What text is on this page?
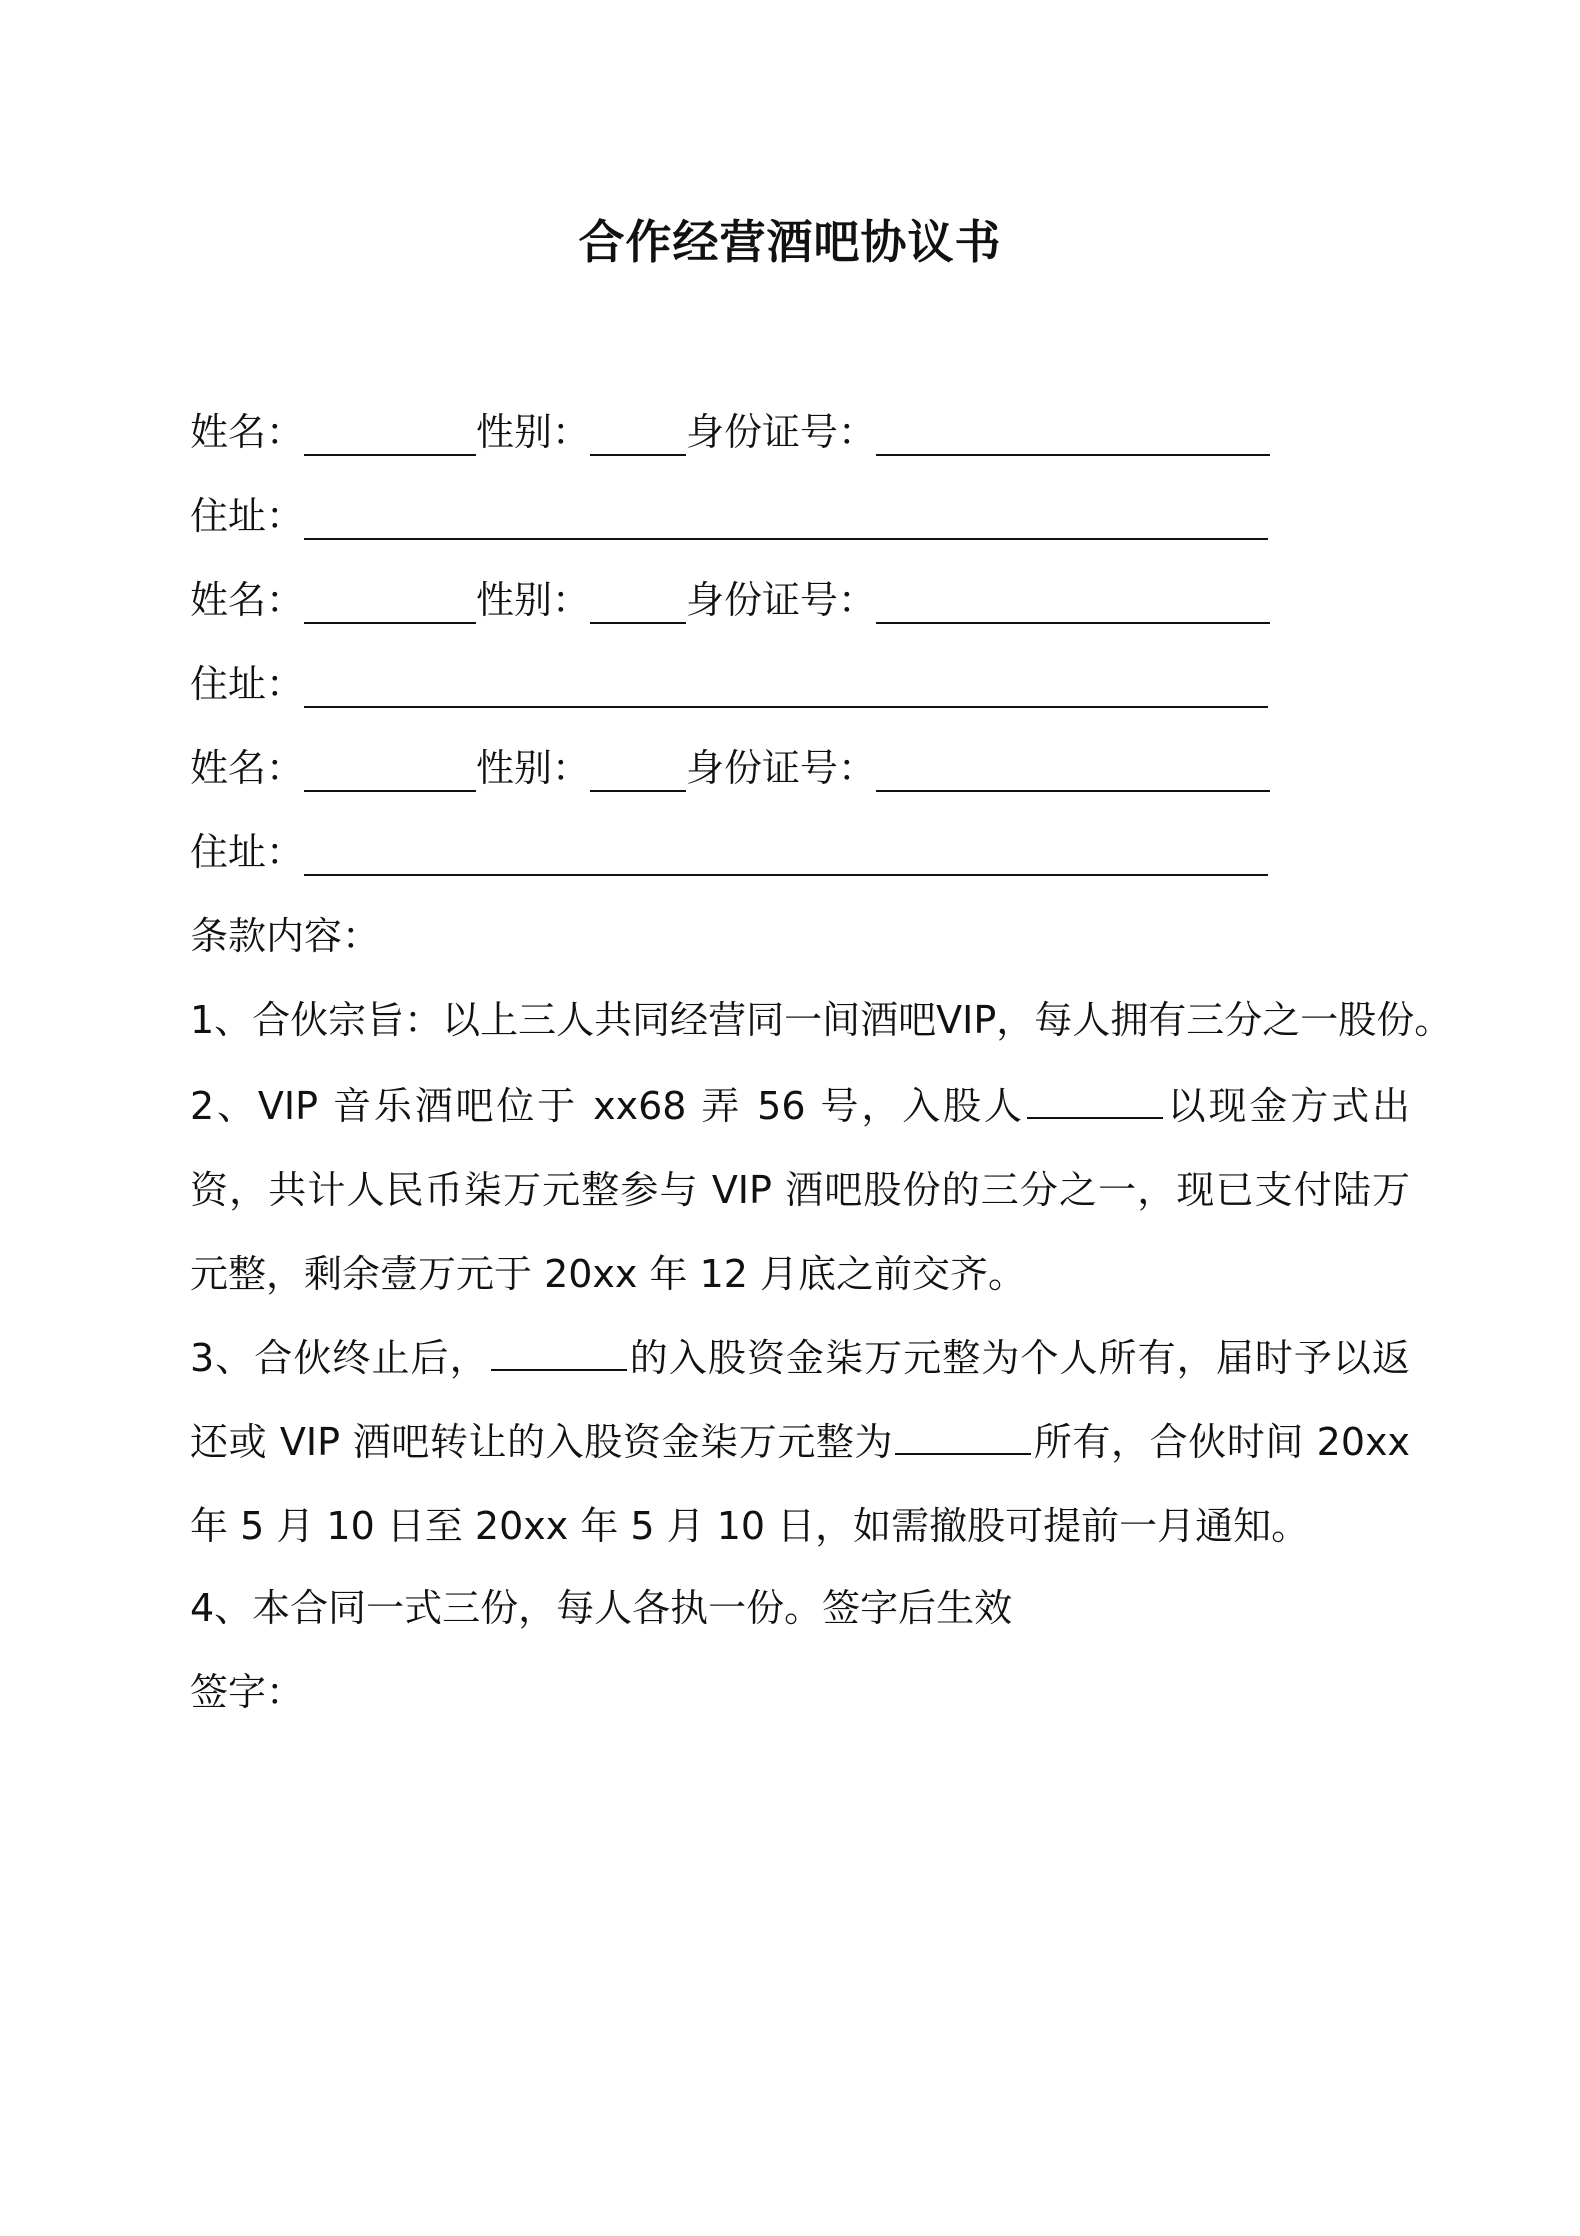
合作经营酒吧协议书
姓名：	性别：	身份证号：
住址：
姓名：	性别：	身份证号：
住址：
姓名：	性别：	身份证号：
住址：
条款内容：
1、合伙宗旨：以上三人共同经营同一间酒吧VIP，每人拥有三分之一股份。
2、VIP 音乐酒吧位于 xx68 弄 56 号，入股人	以现金方式出资，共计人民币柒万元整参与 VIP 酒吧股份的三分之一，现已支付陆万元整，剩余壹万元于 20xx 年 12 月底之前交齐。
3、合伙终止后，	的入股资金柒万元整为个人所有，届时予以返还或 VIP 酒吧转让的入股资金柒万元整为	所有，合伙时间 20xx 年 5 月 10 日至 20xx 年 5 月 10 日，如需撤股可提前一月通知。
4、本合同一式三份，每人各执一份。签字后生效
签字：
